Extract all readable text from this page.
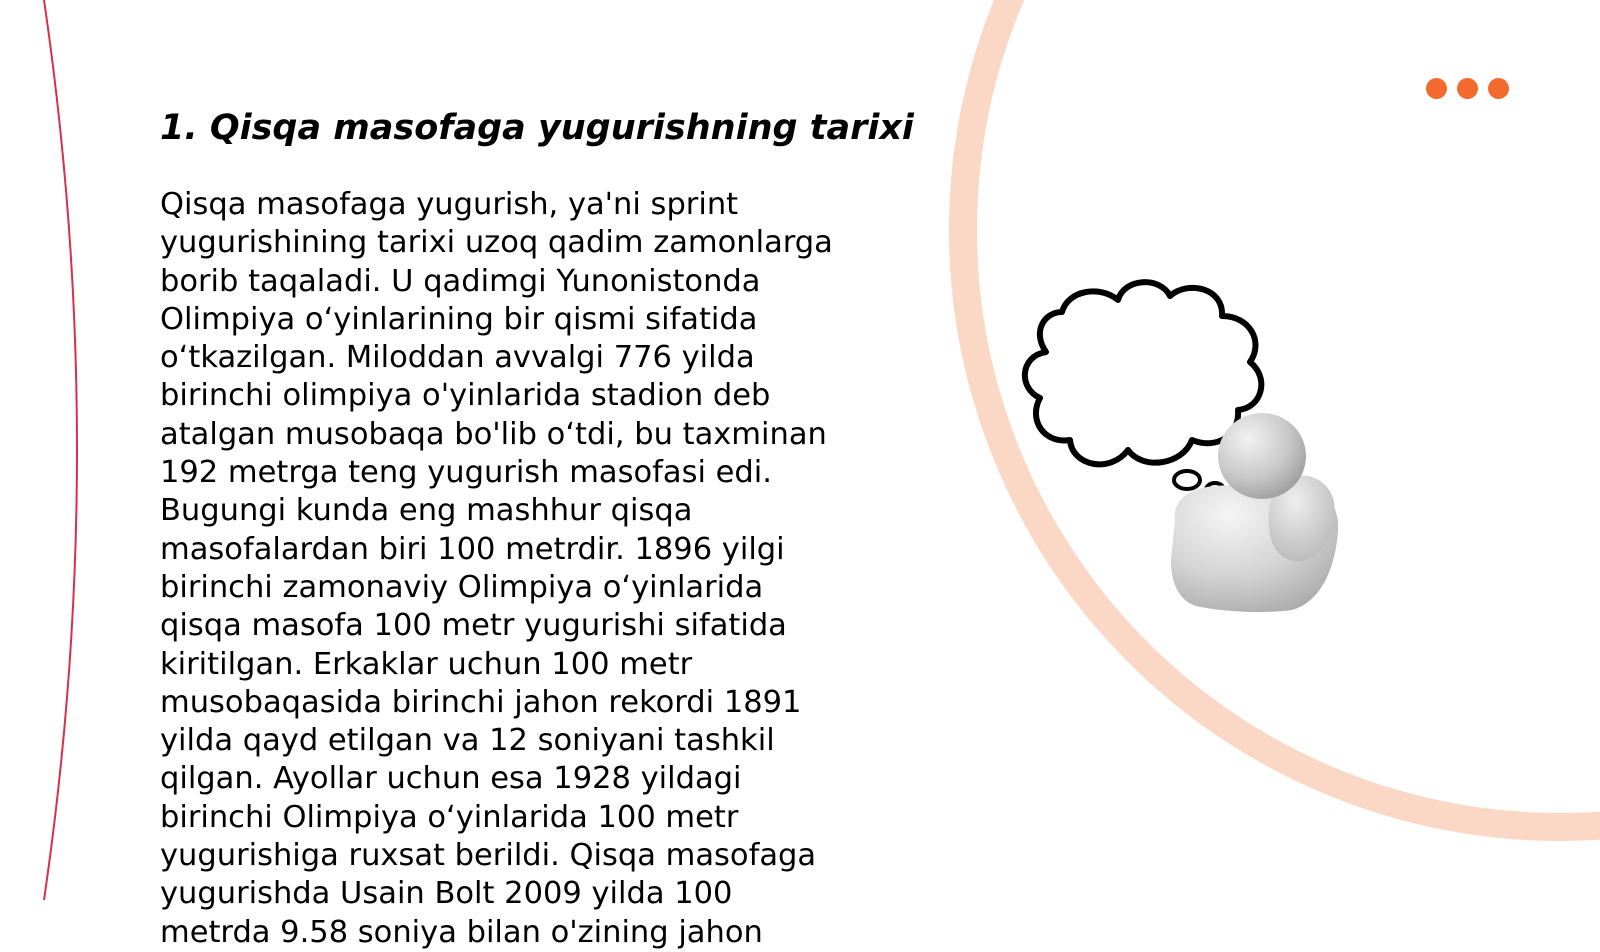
1. Qisqa masofaga yugurishning tarixi

Qisqa masofaga yugurish, ya'ni sprint yugurishining tarixi uzoq qadim zamonlarga borib taqaladi. U qadimgi Yunonistonda Olimpiya oʻyinlarining bir qismi sifatida oʻtkazilgan. Miloddan avvalgi 776 yilda birinchi olimpiya o'yinlarida stadion deb atalgan musobaqa bo'lib oʻtdi, bu taxminan 192 metrga teng yugurish masofasi edi. Bugungi kunda eng mashhur qisqa masofalardan biri 100 metrdir. 1896 yilgi birinchi zamonaviy Olimpiya oʻyinlarida qisqa masofa 100 metr yugurishi sifatida kiritilgan. Erkaklar uchun 100 metr musobaqasida birinchi jahon rekordi 1891 yilda qayd etilgan va 12 soniyani tashkil qilgan. Ayollar uchun esa 1928 yildagi birinchi Olimpiya oʻyinlarida 100 metr yugurishiga ruxsat berildi. Qisqa masofaga yugurishda Usain Bolt 2009 yilda 100 metrda 9.58 soniya bilan o'zining jahon
